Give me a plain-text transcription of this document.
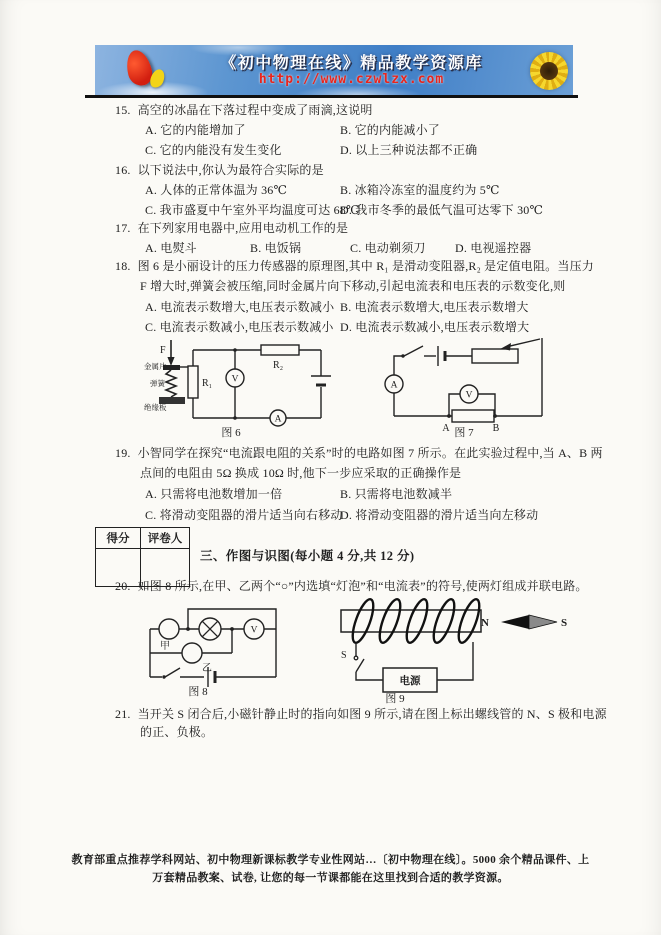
《初中物理在线》精品教学资源库
http://www.czwlzx.com
15. 高空的冰晶在下落过程中变成了雨滴,这说明
A. 它的内能增加了	B. 它的内能减小了
C. 它的内能没有发生变化	D. 以上三种说法都不正确
16. 以下说法中,你认为最符合实际的是
A. 人体的正常体温为 36℃	B. 冰箱冷冻室的温度约为 5℃
C. 我市盛夏中午室外平均温度可达 68℃
D. 我市冬季的最低气温可达零下 30℃
17. 在下列家用电器中,应用电动机工作的是
A. 电熨斗	B. 电饭锅	C. 电动剃须刀 D. 电视遥控器
18. 图 6 是小丽设计的压力传感器的原理图,其中 R₁ 是滑动变阻器,R₂ 是定值电阻。当压力
F 增大时,弹簧会被压缩,同时金属片向下移动,引起电流表和电压表的示数变化,则
A. 电流表示数增大,电压表示数减小 B. 电流表示数增大,电压表示数增大
C. 电流表示数减小,电压表示数减小 D. 电流表示数减小,电压表示数增大
F
金属片
弹簧
绝缘板
R₁
R₂
V
A
图 6
A
V
A	B
图 7
19. 小智同学在探究“电流跟电阻的关系”时的电路如图 7 所示。在此实验过程中,当 A、B 两
点间的电阻由 5Ω 换成 10Ω 时,他下一步应采取的正确操作是
A. 只需将电池数增加一倍	B. 只需将电池数减半
C. 将滑动变阻器的滑片适当向右移动
D. 将滑动变阻器的滑片适当向左移动
得分	评卷人

三、作图与识图(每小题 4 分,共 12 分)
20. 如图 8 所示,在甲、乙两个“○”内选填“灯泡”和“电流表”的符号,使两灯组成并联电路。
甲
乙
V
图 8
S
电源
N	S
图 9
21. 当开关 S 闭合后,小磁针静止时的指向如图 9 所示,请在图上标出螺线管的 N、S 极和电源
的正、负极。
教育部重点推荐学科网站、初中物理新课标教学专业性网站…〔初中物理在线〕。5000 余个精品课件、上
万套精品教案、试卷, 让您的每一节课都能在这里找到合适的教学资源。
